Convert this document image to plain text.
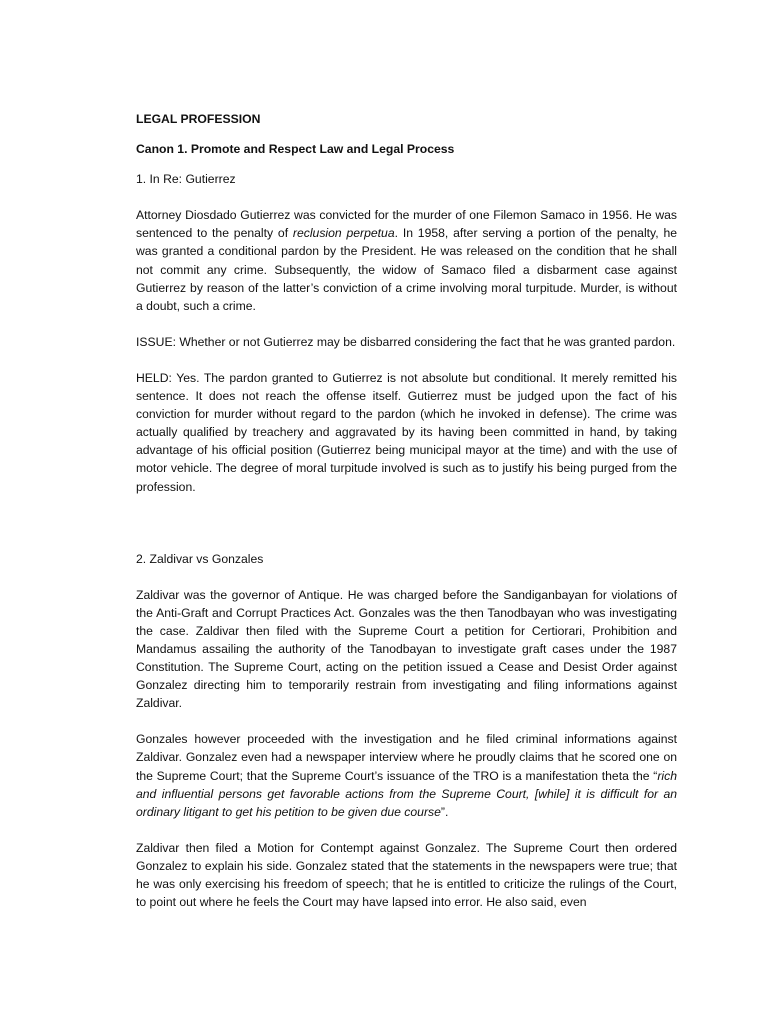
LEGAL PROFESSION
Canon 1. Promote and Respect Law and Legal Process
1. In Re: Gutierrez

Attorney Diosdado Gutierrez was convicted for the murder of one Filemon Samaco in 1956. He was sentenced to the penalty of reclusion perpetua. In 1958, after serving a portion of the penalty, he was granted a conditional pardon by the President. He was released on the condition that he shall not commit any crime. Subsequently, the widow of Samaco filed a disbarment case against Gutierrez by reason of the latter’s conviction of a crime involving moral turpitude. Murder, is without a doubt, such a crime.

ISSUE: Whether or not Gutierrez may be disbarred considering the fact that he was granted pardon.

HELD: Yes. The pardon granted to Gutierrez is not absolute but conditional. It merely remitted his sentence. It does not reach the offense itself. Gutierrez must be judged upon the fact of his conviction for murder without regard to the pardon (which he invoked in defense). The crime was actually qualified by treachery and aggravated by its having been committed in hand, by taking advantage of his official position (Gutierrez being municipal mayor at the time) and with the use of motor vehicle. The degree of moral turpitude involved is such as to justify his being purged from the profession.

2. Zaldivar vs Gonzales

Zaldivar was the governor of Antique. He was charged before the Sandiganbayan for violations of the Anti-Graft and Corrupt Practices Act. Gonzales was the then Tanodbayan who was investigating the case. Zaldivar then filed with the Supreme Court a petition for Certiorari, Prohibition and Mandamus assailing the authority of the Tanodbayan to investigate graft cases under the 1987 Constitution. The Supreme Court, acting on the petition issued a Cease and Desist Order against Gonzalez directing him to temporarily restrain from investigating and filing informations against Zaldivar.

Gonzales however proceeded with the investigation and he filed criminal informations against Zaldivar. Gonzalez even had a newspaper interview where he proudly claims that he scored one on the Supreme Court; that the Supreme Court’s issuance of the TRO is a manifestation theta the “rich and influential persons get favorable actions from the Supreme Court, [while] it is difficult for an ordinary litigant to get his petition to be given due course”.

Zaldivar then filed a Motion for Contempt against Gonzalez. The Supreme Court then ordered Gonzalez to explain his side. Gonzalez stated that the statements in the newspapers were true; that he was only exercising his freedom of speech; that he is entitled to criticize the rulings of the Court, to point out where he feels the Court may have lapsed into error. He also said, even
